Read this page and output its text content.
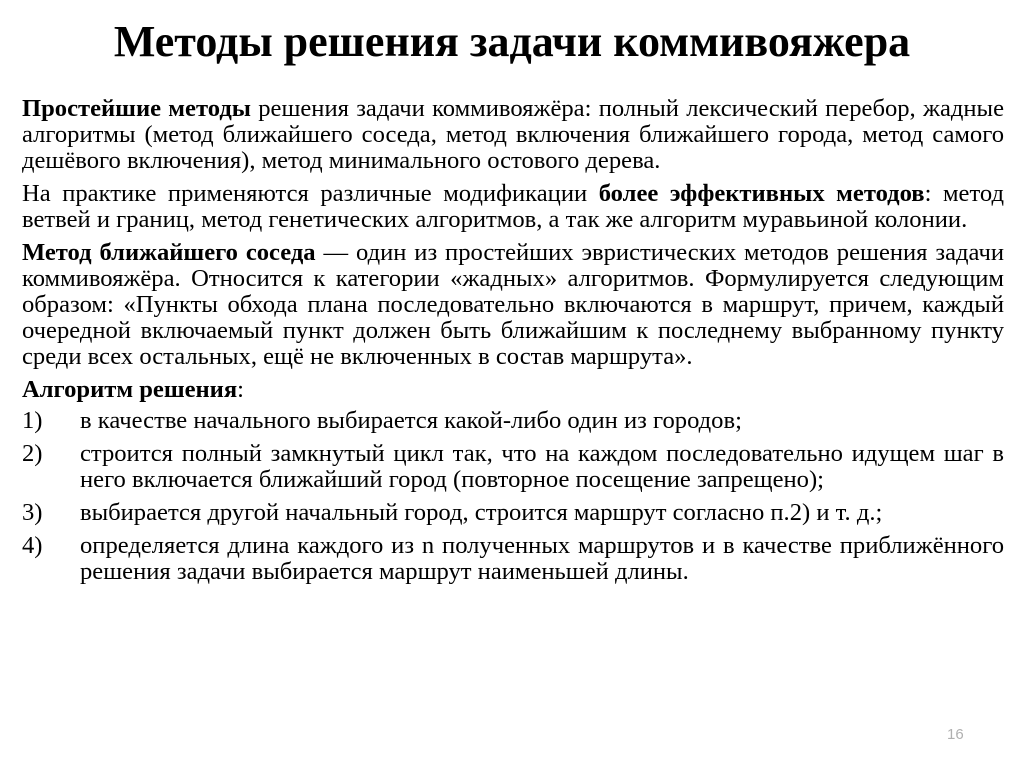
Методы решения задачи коммивояжера

Простейшие методы решения задачи коммивояжёра: полный лексический перебор, жадные алгоритмы (метод ближайшего соседа, метод включения ближайшего города, метод самого дешёвого включения), метод минимального остового дерева.

На практике применяются различные модификации более эффективных методов: метод ветвей и границ, метод генетических алгоритмов, а так же алгоритм муравьиной колонии.

Метод ближайшего соседа — один из простейших эвристических методов решения задачи коммивояжёра. Относится к категории «жадных» алгоритмов. Формулируется следующим образом: «Пункты обхода плана последовательно включаются в маршрут, причем, каждый очередной включаемый пункт должен быть ближайшим к последнему выбранному пункту среди всех остальных, ещё не включенных в состав маршрута».

Алгоритм решения:

1)	в качестве начального выбирается какой-либо один из городов;
2)	строится полный замкнутый цикл так, что на каждом последовательно идущем шаг в него включается ближайший город (повторное посещение запрещено);
3)	выбирается другой начальный город, строится маршрут согласно п.2) и т. д.;
4)	определяется длина каждого из n полученных маршрутов и в качестве приближённого решения задачи выбирается маршрут наименьшей длины.
16
